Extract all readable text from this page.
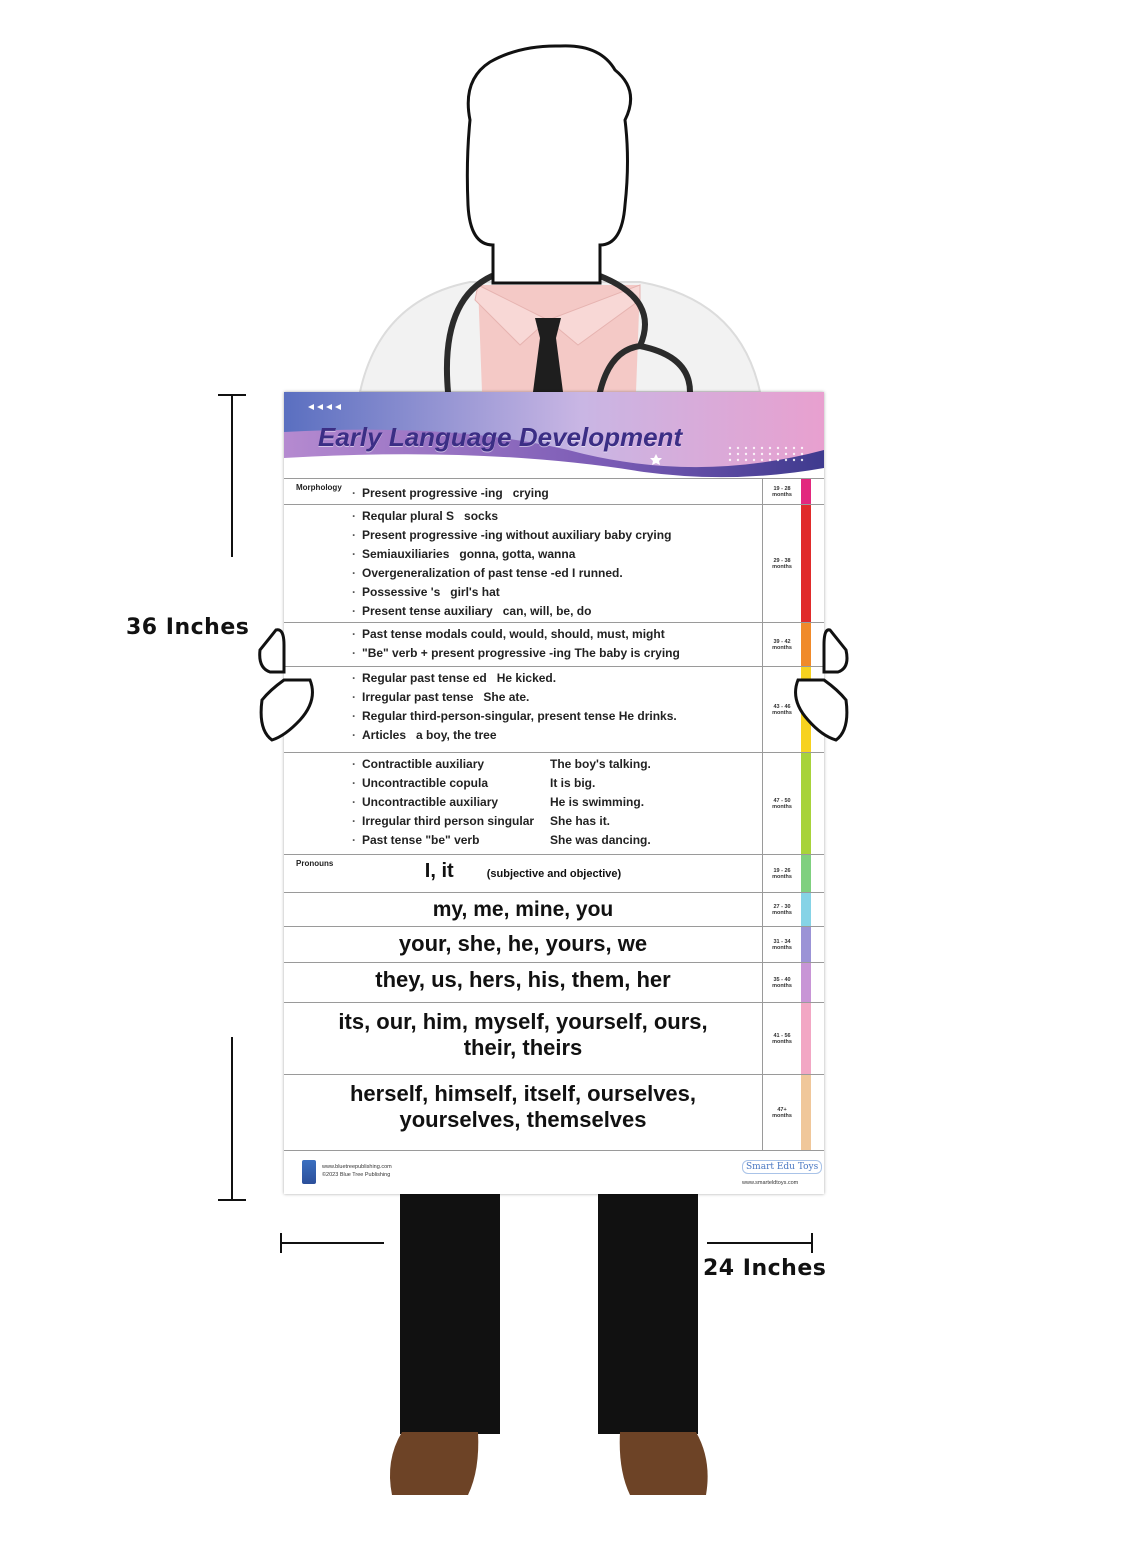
36 Inches
24 Inches
Early Language Development
Morphology
· Present progressive -ing crying	19 - 28
months
· Reqular plural S socks
· Present progressive -ing without auxiliary baby crying
· Semiauxiliaries gonna, gotta, wanna
· Overgeneralization of past tense -ed I runned.
· Possessive 's girl's hat
· Present tense auxiliary can, will, be, do
29 - 38
months
· Past tense modals could, would, should, must, might
· "Be" verb + present progressive -ing The baby is crying
39 - 42
months
· Regular past tense ed He kicked.
· Irregular past tense She ate.
· Regular third-person-singular, present tense He drinks.
· Articles a boy, the tree
43 - 46
months
· Contractible auxiliary	The boy's talking.
· Uncontractible copula	It is big.
· Uncontractible auxiliary	He is swimming.
· Irregular third person singular She has it.
· Past tense "be" verb	She was dancing.
47 - 50
months
Pronouns	I, it	(subjective and objective)	19 - 26
months
my, me, mine, you	27 - 30
months
your, she, he, yours, we	31 - 34
months
they, us, hers, his, them, her	35 - 40
months
its, our, him, myself, yourself, ours, their, theirs	41 - 56
months
herself, himself, itself, ourselves, yourselves, themselves	47+
months
www.bluetreepublishing.com
©2023 Blue Tree Publishing
Smart Edu Toys
www.smarteldtoys.com
